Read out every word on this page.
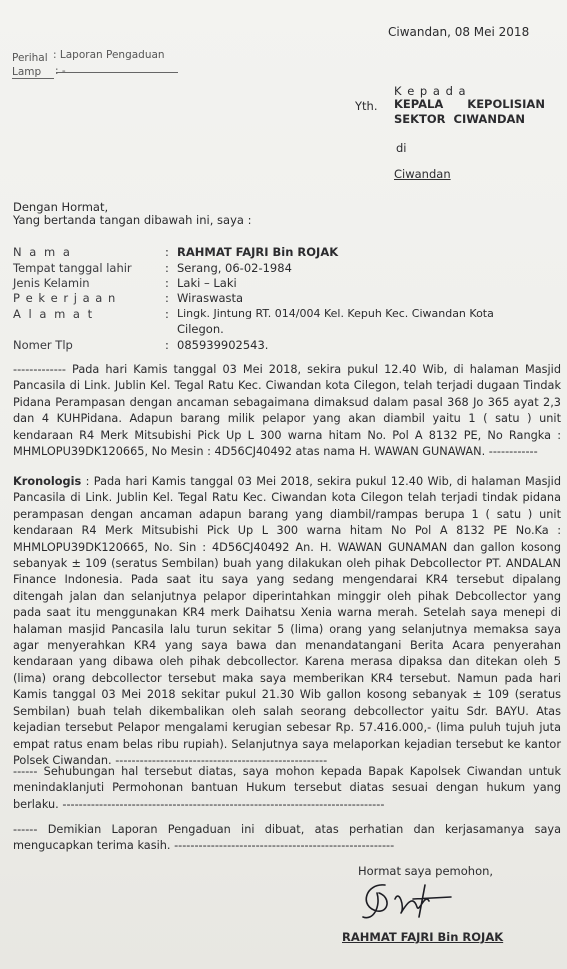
Ciwandan, 08 Mei 2018
Perihal : Laporan Pengaduan
Lamp : -
K e p a d a
Yth. KEPALA      KEPOLISIAN
SEKTOR  CIWANDAN
di
Ciwandan
Dengan Hormat,
Yang bertanda tangan dibawah ini, saya :
N a m a	: RAHMAT FAJRI Bin ROJAK
Tempat tanggal lahir	: Serang, 06-02-1984
Jenis Kelamin	: Laki – Laki
P e k e r j a a n	: Wiraswasta
A l a m a t	: Lingk. Jintung RT. 014/004 Kel. Kepuh Kec. Ciwandan Kota
Cilegon.
Nomer Tlp	: 085939902543.
------------- Pada hari Kamis tanggal 03 Mei 2018, sekira pukul 12.40 Wib, di halaman Masjid Pancasila di Link. Jublin Kel. Tegal Ratu Kec. Ciwandan kota Cilegon, telah terjadi dugaan Tindak Pidana Perampasan dengan ancaman sebagaimana dimaksud dalam pasal 368 Jo 365 ayat 2,3 dan 4 KUHPidana. Adapun barang milik pelapor yang akan diambil yaitu 1 ( satu ) unit kendaraan R4 Merk Mitsubishi Pick Up L 300 warna hitam No. Pol A 8132 PE, No Rangka : MHMLOPU39DK120665, No Mesin : 4D56CJ40492 atas nama H. WAWAN GUNAWAN. ------------
Kronologis : Pada hari Kamis tanggal 03 Mei 2018, sekira pukul 12.40 Wib, di halaman Masjid Pancasila di Link. Jublin Kel. Tegal Ratu Kec. Ciwandan kota Cilegon telah terjadi tindak pidana perampasan dengan ancaman adapun barang yang diambil/rampas berupa 1 ( satu ) unit kendaraan R4 Merk Mitsubishi Pick Up L 300 warna hitam No Pol A 8132 PE No.Ka : MHMLOPU39DK120665, No. Sin : 4D56CJ40492 An. H. WAWAN GUNAMAN dan gallon kosong sebanyak ± 109 (seratus Sembilan) buah yang dilakukan oleh pihak Debcollector PT. ANDALAN Finance Indonesia. Pada saat itu saya yang sedang mengendarai KR4 tersebut dipalang ditengah jalan dan selanjutnya pelapor diperintahkan minggir oleh pihak Debcollector yang pada saat itu menggunakan KR4 merk Daihatsu Xenia warna merah. Setelah saya menepi di halaman masjid Pancasila lalu turun sekitar 5 (lima) orang yang selanjutnya memaksa saya agar menyerahkan KR4 yang saya bawa dan menandatangani Berita Acara penyerahan kendaraan yang dibawa oleh pihak debcollector. Karena merasa dipaksa dan ditekan oleh 5 (lima) orang debcollector tersebut maka saya memberikan KR4 tersebut. Namun pada hari Kamis tanggal 03 Mei 2018 sekitar pukul 21.30 Wib gallon kosong sebanyak ± 109 (seratus Sembilan) buah telah dikembalikan oleh salah seorang debcollector yaitu Sdr. BAYU. Atas kejadian tersebut Pelapor mengalami kerugian sebesar Rp. 57.416.000,- (lima puluh tujuh juta empat ratus enam belas ribu rupiah). Selanjutnya saya melaporkan kejadian tersebut ke kantor Polsek Ciwandan. ----------------------------------------------------
------ Sehubungan hal tersebut diatas, saya mohon kepada Bapak Kapolsek Ciwandan untuk menindaklanjuti Permohonan bantuan Hukum tersebut diatas sesuai dengan hukum yang berlaku. -------------------------------------------------------------------------------
------ Demikian Laporan Pengaduan ini dibuat, atas perhatian dan kerjasamanya saya mengucapkan terima kasih. ------------------------------------------------------
Hormat saya pemohon,
RAHMAT FAJRI Bin ROJAK
